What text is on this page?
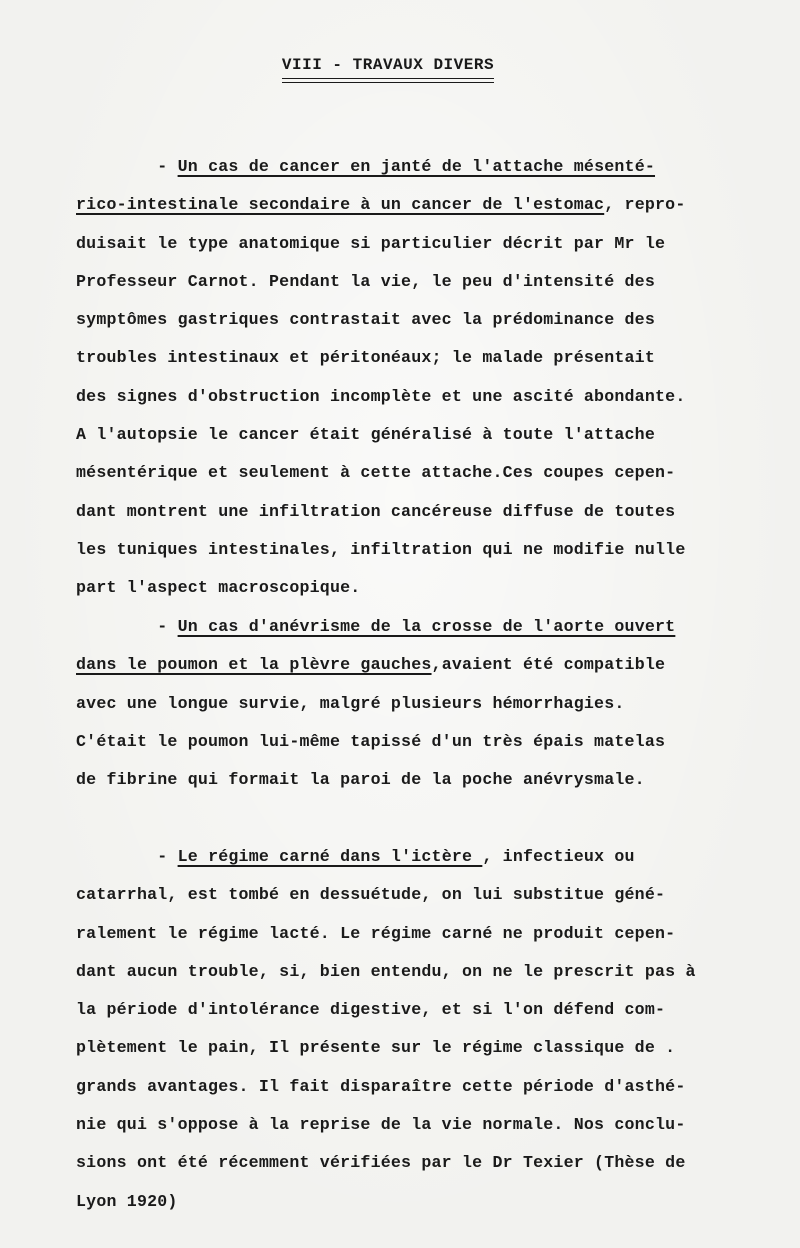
VIII - TRAVAUX DIVERS
- Un cas de cancer en janté de l'attache mésenté-
rico-intestinale secondaire à un cancer de l'estomac, repro-
duisait le type anatomique si particulier décrit par Mr le
Professeur Carnot. Pendant la vie, le peu d'intensité des
symptômes gastriques contrastait avec la prédominance des
troubles intestinaux et péritonéaux; le malade présentait
des signes d'obstruction incomplète et une ascité abondante.
A l'autopsie le cancer était généralisé à toute l'attache
mésentérique et seulement à cette attache.Ces coupes cepen-
dant montrent une infiltration cancéreuse diffuse de toutes
les tuniques intestinales, infiltration qui ne modifie nulle
part l'aspect macroscopique.
- Un cas d'anévrisme de la crosse de l'aorte ouvert
dans le poumon et la plèvre gauches,avaient été compatible
avec une longue survie, malgré plusieurs hémorrhagies.
C'était le poumon lui-même tapissé d'un très épais matelas
de fibrine qui formait la paroi de la poche anévrysmale.
- Le régime carné dans l'ictère , infectieux ou
catarrhal, est tombé en dessuétude, on lui substitue géné-
ralement le régime lacté. Le régime carné ne produit cepen-
dant aucun trouble, si, bien entendu, on ne le prescrit pas à
la période d'intolérance digestive, et si l'on défend com-
plètement le pain, Il présente sur le régime classique de .
grands avantages. Il fait disparaître cette période d'asthé-
nie qui s'oppose à la reprise de la vie normale. Nos conclu-
sions ont été récemment vérifiées par le Dr Texier (Thèse de
Lyon 1920)
